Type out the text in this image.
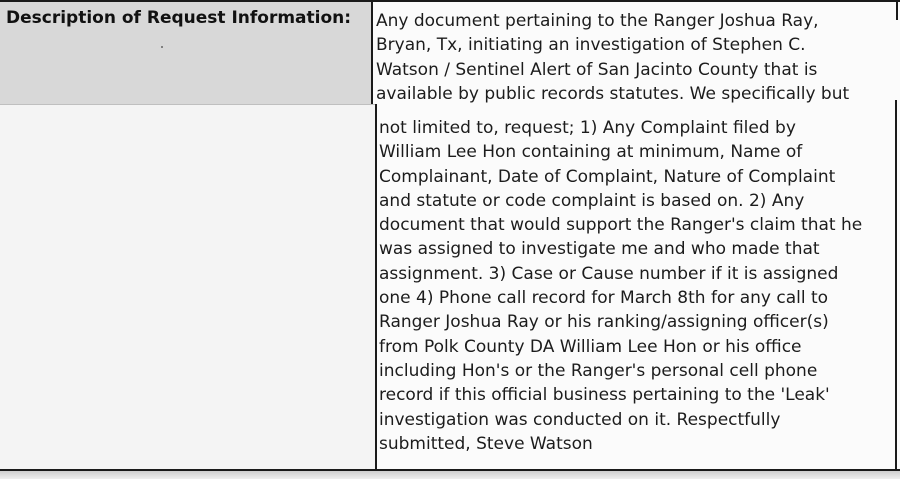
Description of Request Information: Any document pertaining to the Ranger Joshua Ray,
Bryan, Tx, initiating an investigation of Stephen C.
Watson / Sentinel Alert of San Jacinto County that is
available by public records statutes. We specifically but
not limited to, request; 1) Any Complaint filed by
William Lee Hon containing at minimum, Name of
Complainant, Date of Complaint, Nature of Complaint
and statute or code complaint is based on. 2) Any
document that would support the Ranger's claim that he
was assigned to investigate me and who made that
assignment. 3) Case or Cause number if it is assigned
one 4) Phone call record for March 8th for any call to
Ranger Joshua Ray or his ranking/assigning officer(s)
from Polk County DA William Lee Hon or his office
including Hon's or the Ranger's personal cell phone
record if this official business pertaining to the 'Leak'
investigation was conducted on it. Respectfully
submitted, Steve Watson
